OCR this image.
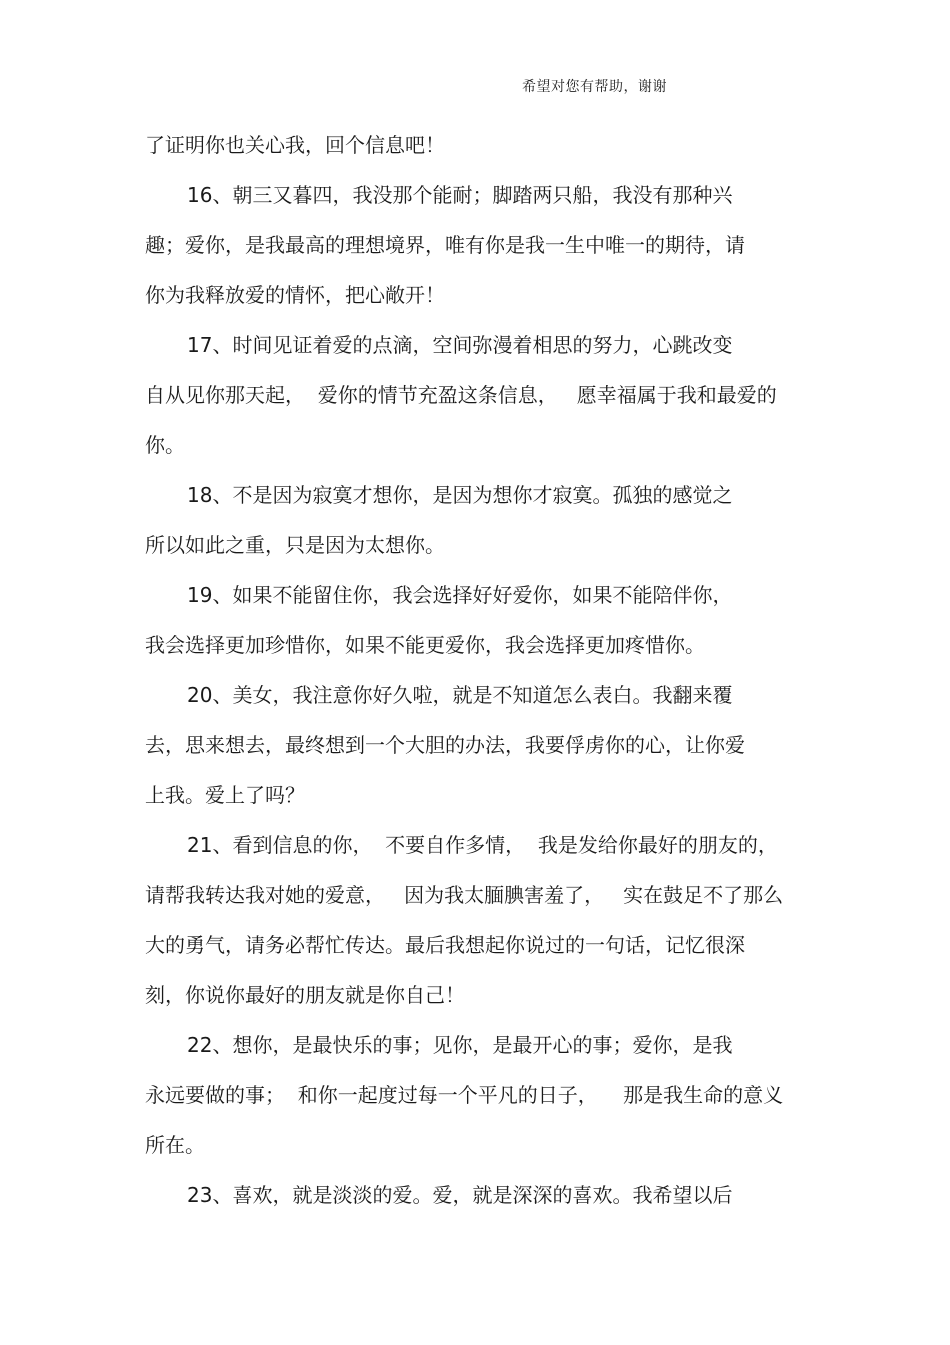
希望对您有帮助，谢谢
了证明你也关心我，回个信息吧！
16、朝三又暮四，我没那个能耐；脚踏两只船，我没有那种兴
趣；爱你，是我最高的理想境界，唯有你是我一生中唯一的期待，请
你为我释放爱的情怀，把心敞开！
17、时间见证着爱的点滴，空间弥漫着相思的努力，心跳改变
自从见你那天起，  爱你的情节充盈这条信息，   愿幸福属于我和最爱的
你。
18、不是因为寂寞才想你，是因为想你才寂寞。孤独的感觉之
所以如此之重，只是因为太想你。
19、如果不能留住你，我会选择好好爱你，如果不能陪伴你，
我会选择更加珍惜你，如果不能更爱你，我会选择更加疼惜你。
20、美女，我注意你好久啦，就是不知道怎么表白。我翻来覆
去，思来想去，最终想到一个大胆的办法，我要俘虏你的心，让你爱
上我。爱上了吗？
21、看到信息的你，  不要自作多情，  我是发给你最好的朋友的，
请帮我转达我对她的爱意，   因为我太腼腆害羞了，   实在鼓足不了那么
大的勇气，请务必帮忙传达。最后我想起你说过的一句话，记忆很深
刻，你说你最好的朋友就是你自己！
22、想你，是最快乐的事；见你，是最开心的事；爱你，是我
永远要做的事；  和你一起度过每一个平凡的日子，    那是我生命的意义
所在。
23、喜欢，就是淡淡的爱。爱，就是深深的喜欢。我希望以后
